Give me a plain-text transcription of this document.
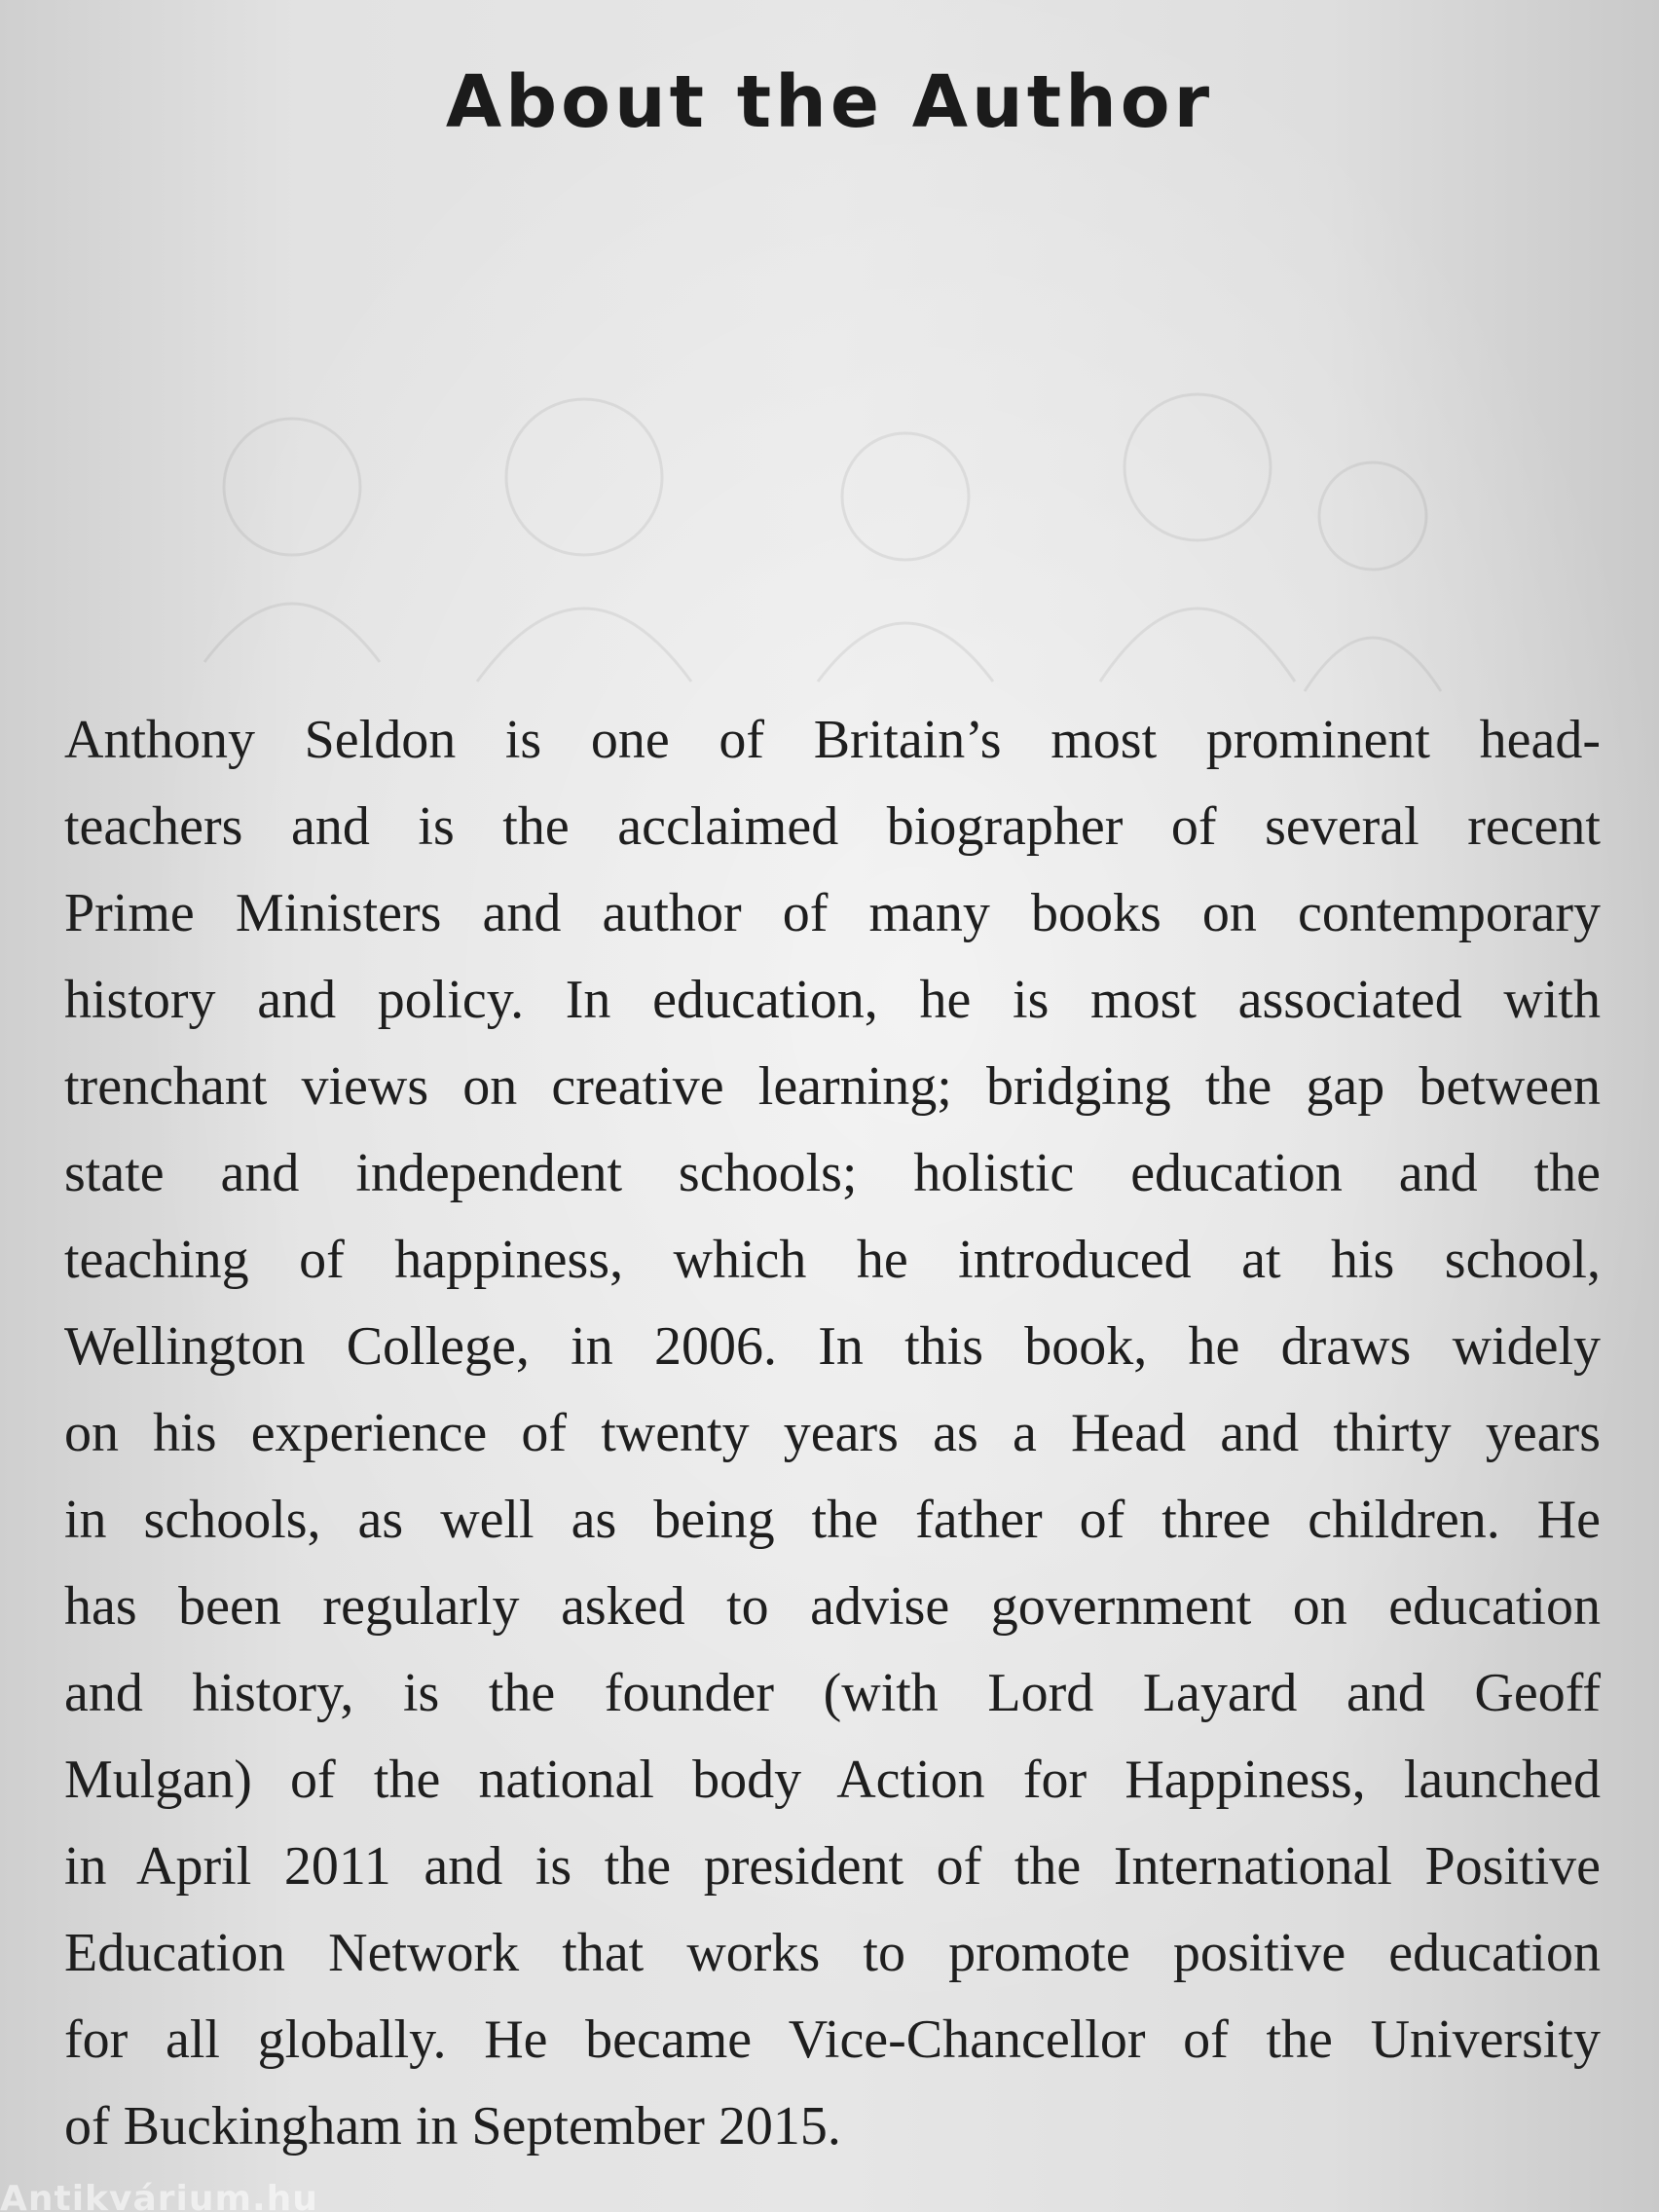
About the Author

Anthony Seldon is one of Britain’s most prominent head-
teachers and is the acclaimed biographer of several recent
Prime Ministers and author of many books on contemporary
history and policy. In education, he is most associated with
trenchant views on creative learning; bridging the gap between
state and independent schools; holistic education and the
teaching of happiness, which he introduced at his school,
Wellington College, in 2006. In this book, he draws widely
on his experience of twenty years as a Head and thirty years
in schools, as well as being the father of three children. He
has been regularly asked to advise government on education
and history, is the founder (with Lord Layard and Geoff
Mulgan) of the national body Action for Happiness, launched
in April 2011 and is the president of the International Positive
Education Network that works to promote positive education
for all globally. He became Vice-Chancellor of the University
of Buckingham in September 2015.

Antikvárium.hu
